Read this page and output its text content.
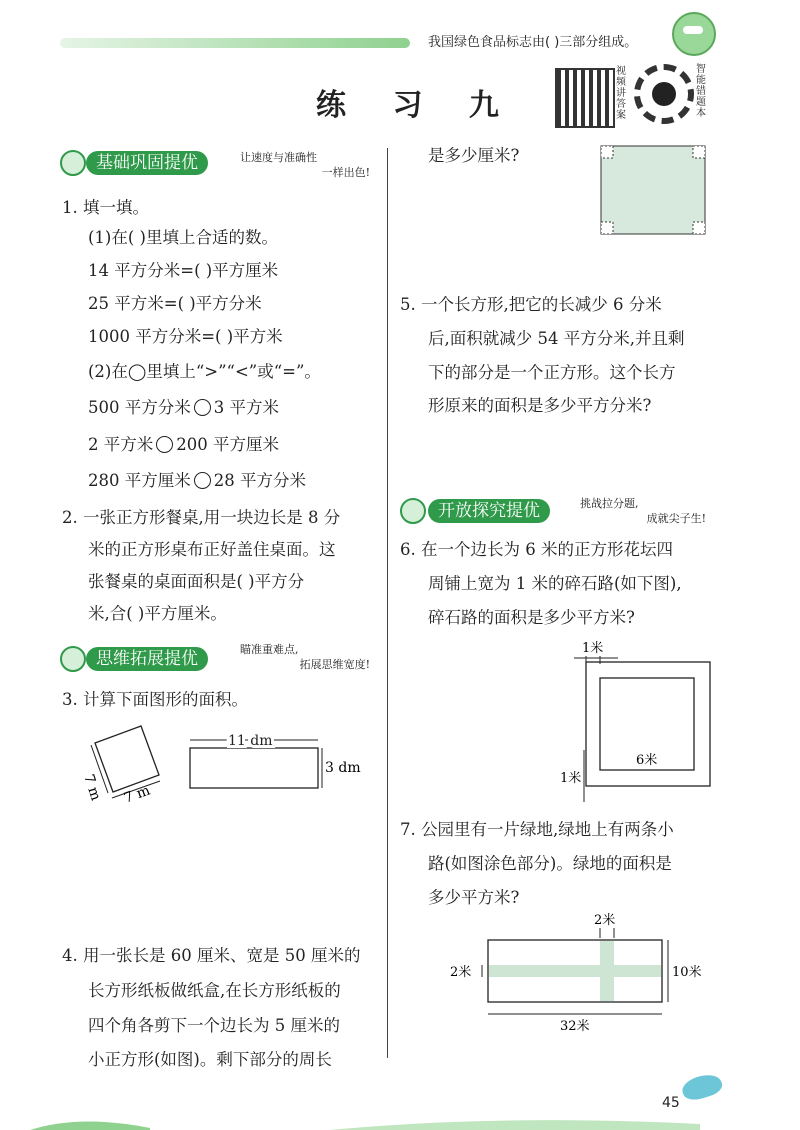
我国绿色食品标志由( )三部分组成。
练 习 九
视频讲答案
智能错题本
基础巩固提优	让速度与准确性
一样出色!
1. 填一填。
(1)在( )里填上合适的数。
14 平方分米=( )平方厘米
25 平方米=( )平方分米
1000 平方分米=( )平方米
(2)在◯里填上“>”“<”或“=”。
500 平方分米 3 平方米
2 平方米 200 平方厘米
280 平方厘米 28 平方分米
2. 一张正方形餐桌,用一块边长是 8 分
米的正方形桌布正好盖住桌面。这
张餐桌的桌面面积是( )平方分
米,合( )平方厘米。
思维拓展提优	瞄准重难点,
拓展思维宽度!
3. 计算下面图形的面积。
7 m 7 m
11 dm
3 dm
4. 用一张长是 60 厘米、宽是 50 厘米的
长方形纸板做纸盒,在长方形纸板的
四个角各剪下一个边长为 5 厘米的
小正方形(如图)。剩下部分的周长
是多少厘米?
5. 一个长方形,把它的长减少 6 分米
后,面积就减少 54 平方分米,并且剩
下的部分是一个正方形。这个长方
形原来的面积是多少平方分米?
开放探究提优	挑战拉分题,
成就尖子生!
6. 在一个边长为 6 米的正方形花坛四
周铺上宽为 1 米的碎石路(如下图),
碎石路的面积是多少平方米?
1米
6米
1米
7. 公园里有一片绿地,绿地上有两条小
路(如图涂色部分)。绿地的面积是
多少平方米?
2米
2米	10米
32米
45
